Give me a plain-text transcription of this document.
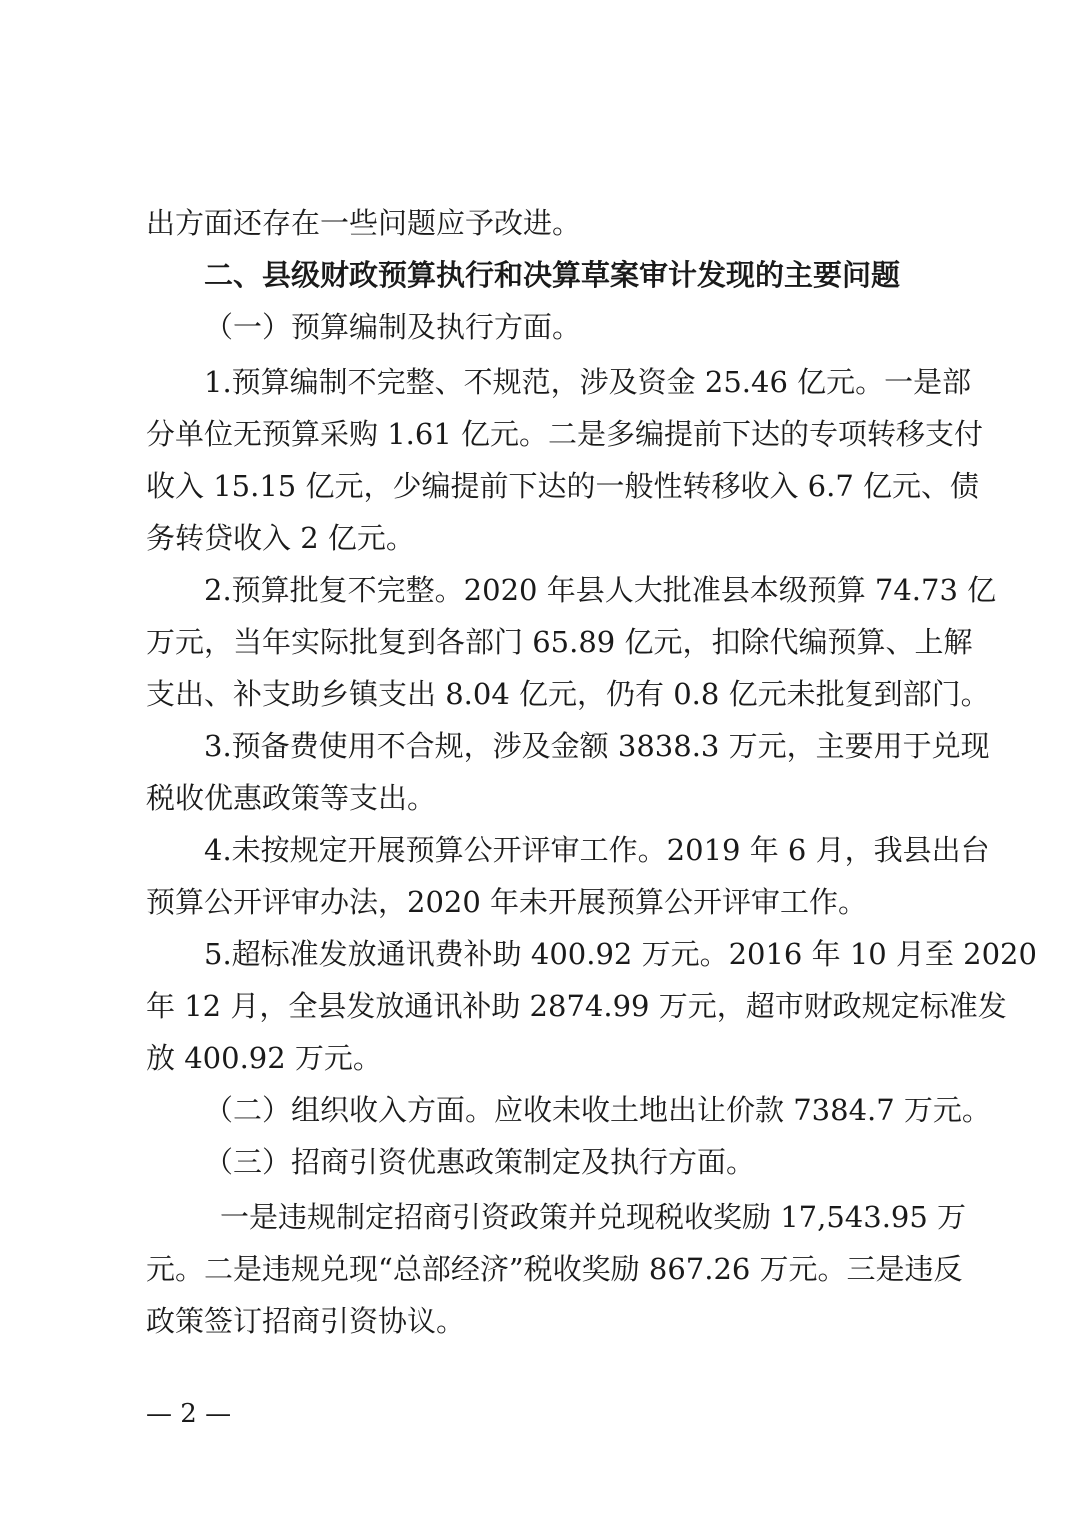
出方面还存在一些问题应予改进。
二、县级财政预算执行和决算草案审计发现的主要问题
（一）预算编制及执行方面。
1.预算编制不完整、不规范，涉及资金 25.46 亿元。一是部
分单位无预算采购 1.61 亿元。二是多编提前下达的专项转移支付
收入 15.15 亿元，少编提前下达的一般性转移收入 6.7 亿元、债
务转贷收入 2 亿元。
2.预算批复不完整。2020 年县人大批准县本级预算 74.73 亿
万元，当年实际批复到各部门 65.89 亿元，扣除代编预算、上解
支出、补支助乡镇支出 8.04 亿元，仍有 0.8 亿元未批复到部门。
3.预备费使用不合规，涉及金额 3838.3 万元，主要用于兑现
税收优惠政策等支出。
4.未按规定开展预算公开评审工作。2019 年 6 月，我县出台
预算公开评审办法，2020 年未开展预算公开评审工作。
5.超标准发放通讯费补助 400.92 万元。2016 年 10 月至 2020
年 12 月，全县发放通讯补助 2874.99 万元，超市财政规定标准发
放 400.92 万元。
（二）组织收入方面。应收未收土地出让价款 7384.7 万元。
（三）招商引资优惠政策制定及执行方面。
一是违规制定招商引资政策并兑现税收奖励 17,543.95 万
元。二是违规兑现“总部经济”税收奖励 867.26 万元。三是违反
政策签订招商引资协议。
— 2 —
